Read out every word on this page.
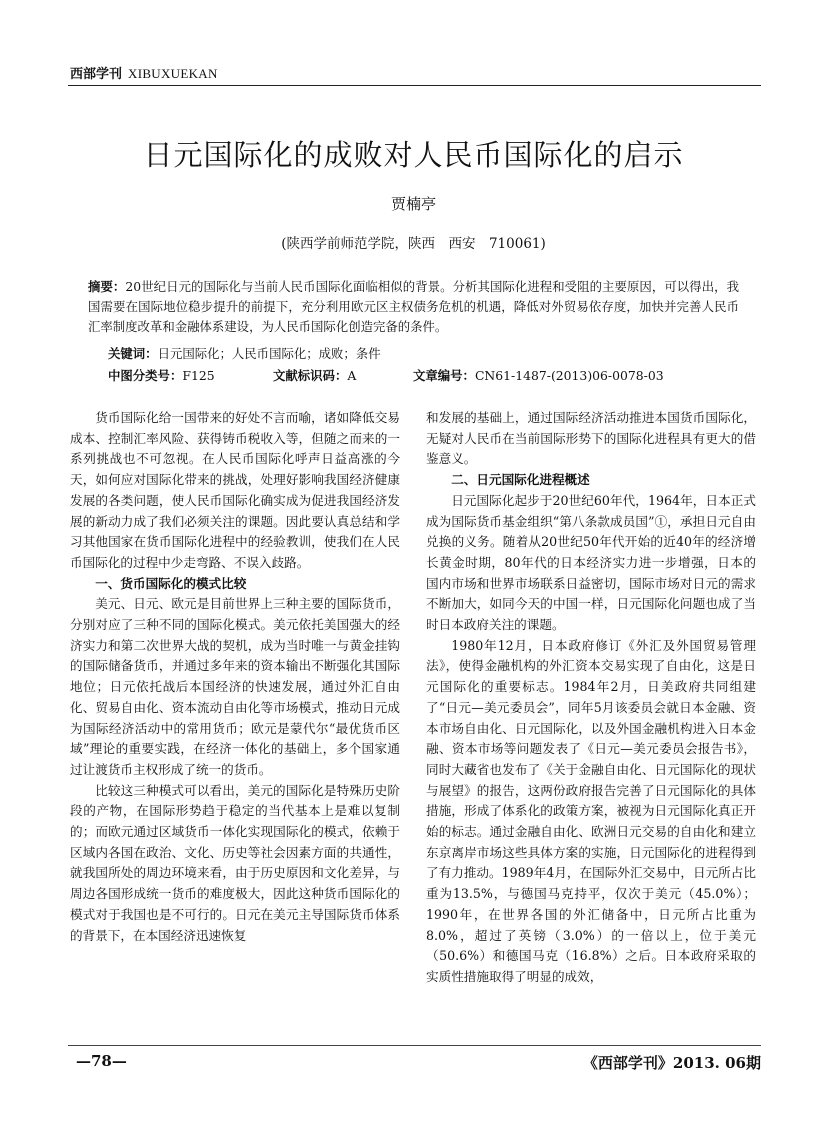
西部学刊 XIBUXUEKAN
日元国际化的成败对人民币国际化的启示
贾楠亭
(陕西学前师范学院，陕西　西安　710061)
摘要：20世纪日元的国际化与当前人民币国际化面临相似的背景。分析其国际化进程和受阻的主要原因，可以得出，我国需要在国际地位稳步提升的前提下，充分利用欧元区主权债务危机的机遇，降低对外贸易依存度，加快并完善人民币汇率制度改革和金融体系建设，为人民币国际化创造完备的条件。
关键词：日元国际化；人民币国际化；成败；条件
中图分类号：F125	文献标识码：A	文章编号：CN61-1487-(2013)06-0078-03

货币国际化给一国带来的好处不言而喻，诸如降低交易成本、控制汇率风险、获得铸币税收入等，但随之而来的一系列挑战也不可忽视。在人民币国际化呼声日益高涨的今天，如何应对国际化带来的挑战，处理好影响我国经济健康发展的各类问题，使人民币国际化确实成为促进我国经济发展的新动力成了我们必须关注的课题。因此要认真总结和学习其他国家在货币国际化进程中的经验教训，使我们在人民币国际化的过程中少走弯路、不误入歧路。

一、货币国际化的模式比较

美元、日元、欧元是目前世界上三种主要的国际货币，分别对应了三种不同的国际化模式。美元依托美国强大的经济实力和第二次世界大战的契机，成为当时唯一与黄金挂钩的国际储备货币，并通过多年来的资本输出不断强化其国际地位；日元依托战后本国经济的快速发展，通过外汇自由化、贸易自由化、资本流动自由化等市场模式，推动日元成为国际经济活动中的常用货币；欧元是蒙代尔“最优货币区域”理论的重要实践，在经济一体化的基础上，多个国家通过让渡货币主权形成了统一的货币。

比较这三种模式可以看出，美元的国际化是特殊历史阶段的产物，在国际形势趋于稳定的当代基本上是难以复制的；而欧元通过区域货币一体化实现国际化的模式，依赖于区域内各国在政治、文化、历史等社会因素方面的共通性，就我国所处的周边环境来看，由于历史原因和文化差异，与周边各国形成统一货币的难度极大，因此这种货币国际化的模式对于我国也是不可行的。日元在美元主导国际货币体系的背景下，在本国经济迅速恢复

和发展的基础上，通过国际经济活动推进本国货币国际化，无疑对人民币在当前国际形势下的国际化进程具有更大的借鉴意义。

二、日元国际化进程概述

日元国际化起步于20世纪60年代，1964年，日本正式成为国际货币基金组织“第八条款成员国”①，承担日元自由兑换的义务。随着从20世纪50年代开始的近40年的经济增长黄金时期，80年代的日本经济实力进一步增强，日本的国内市场和世界市场联系日益密切，国际市场对日元的需求不断加大，如同今天的中国一样，日元国际化问题也成了当时日本政府关注的课题。

1980年12月，日本政府修订《外汇及外国贸易管理法》，使得金融机构的外汇资本交易实现了自由化，这是日元国际化的重要标志。1984年2月，日美政府共同组建了“日元—美元委员会”，同年5月该委员会就日本金融、资本市场自由化、日元国际化，以及外国金融机构进入日本金融、资本市场等问题发表了《日元—美元委员会报告书》，同时大藏省也发布了《关于金融自由化、日元国际化的现状与展望》的报告，这两份政府报告完善了日元国际化的具体措施，形成了体系化的政策方案，被视为日元国际化真正开始的标志。通过金融自由化、欧洲日元交易的自由化和建立东京离岸市场这些具体方案的实施，日元国际化的进程得到了有力推动。1989年4月，在国际外汇交易中，日元所占比重为13.5%，与德国马克持平，仅次于美元（45.0%）；1990年，在世界各国的外汇储备中，日元所占比重为8.0%，超过了英镑（3.0%）的一倍以上，位于美元（50.6%）和德国马克（16.8%）之后。日本政府采取的实质性措施取得了明显的成效，

—78—	《西部学刊》2013. 06期
